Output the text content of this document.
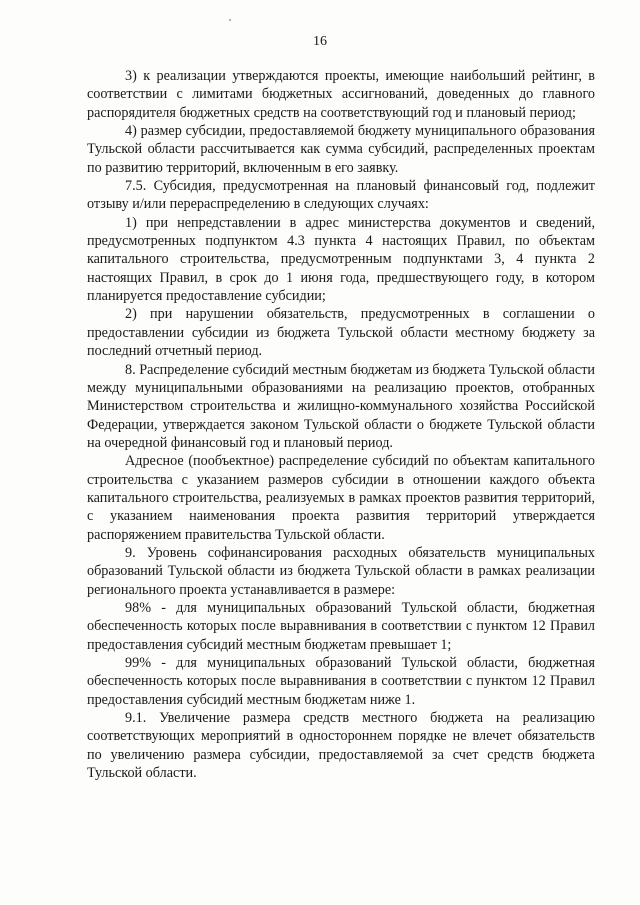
16

3) к реализации утверждаются проекты, имеющие наибольший рейтинг, в соответствии с лимитами бюджетных ассигнований, доведенных до главного распорядителя бюджетных средств на соответствующий год и плановый период;

4) размер субсидии, предоставляемой бюджету муниципального образования Тульской области рассчитывается как сумма субсидий, распределенных проектам по развитию территорий, включенным в его заявку.

7.5. Субсидия, предусмотренная на плановый финансовый год, подлежит отзыву и/или перераспределению в следующих случаях:

1) при непредставлении в адрес министерства документов и сведений, предусмотренных подпунктом 4.3 пункта 4 настоящих Правил, по объектам капитального строительства, предусмотренным подпунктами 3, 4 пункта 2 настоящих Правил, в срок до 1 июня года, предшествующего году, в котором планируется предоставление субсидии;

2) при нарушении обязательств, предусмотренных в соглашении о предоставлении субсидии из бюджета Тульской области местному бюджету за последний отчетный период.

8. Распределение субсидий местным бюджетам из бюджета Тульской области между муниципальными образованиями на реализацию проектов, отобранных Министерством строительства и жилищно-коммунального хозяйства Российской Федерации, утверждается законом Тульской области о бюджете Тульской области на очередной финансовый год и плановый период.

Адресное (пообъектное) распределение субсидий по объектам капитального строительства с указанием размеров субсидии в отношении каждого объекта капитального строительства, реализуемых в рамках проектов развития территорий, с указанием наименования проекта развития территорий утверждается распоряжением правительства Тульской области.

9. Уровень софинансирования расходных обязательств муниципальных образований Тульской области из бюджета Тульской области в рамках реализации регионального проекта устанавливается в размере:

98% - для муниципальных образований Тульской области, бюджетная обеспеченность которых после выравнивания в соответствии с пунктом 12 Правил предоставления субсидий местным бюджетам превышает 1;

99% - для муниципальных образований Тульской области, бюджетная обеспеченность которых после выравнивания в соответствии с пунктом 12 Правил предоставления субсидий местным бюджетам ниже 1.

9.1. Увеличение размера средств местного бюджета на реализацию соответствующих мероприятий в одностороннем порядке не влечет обязательств по увеличению размера субсидии, предоставляемой за счет средств бюджета Тульской области.
